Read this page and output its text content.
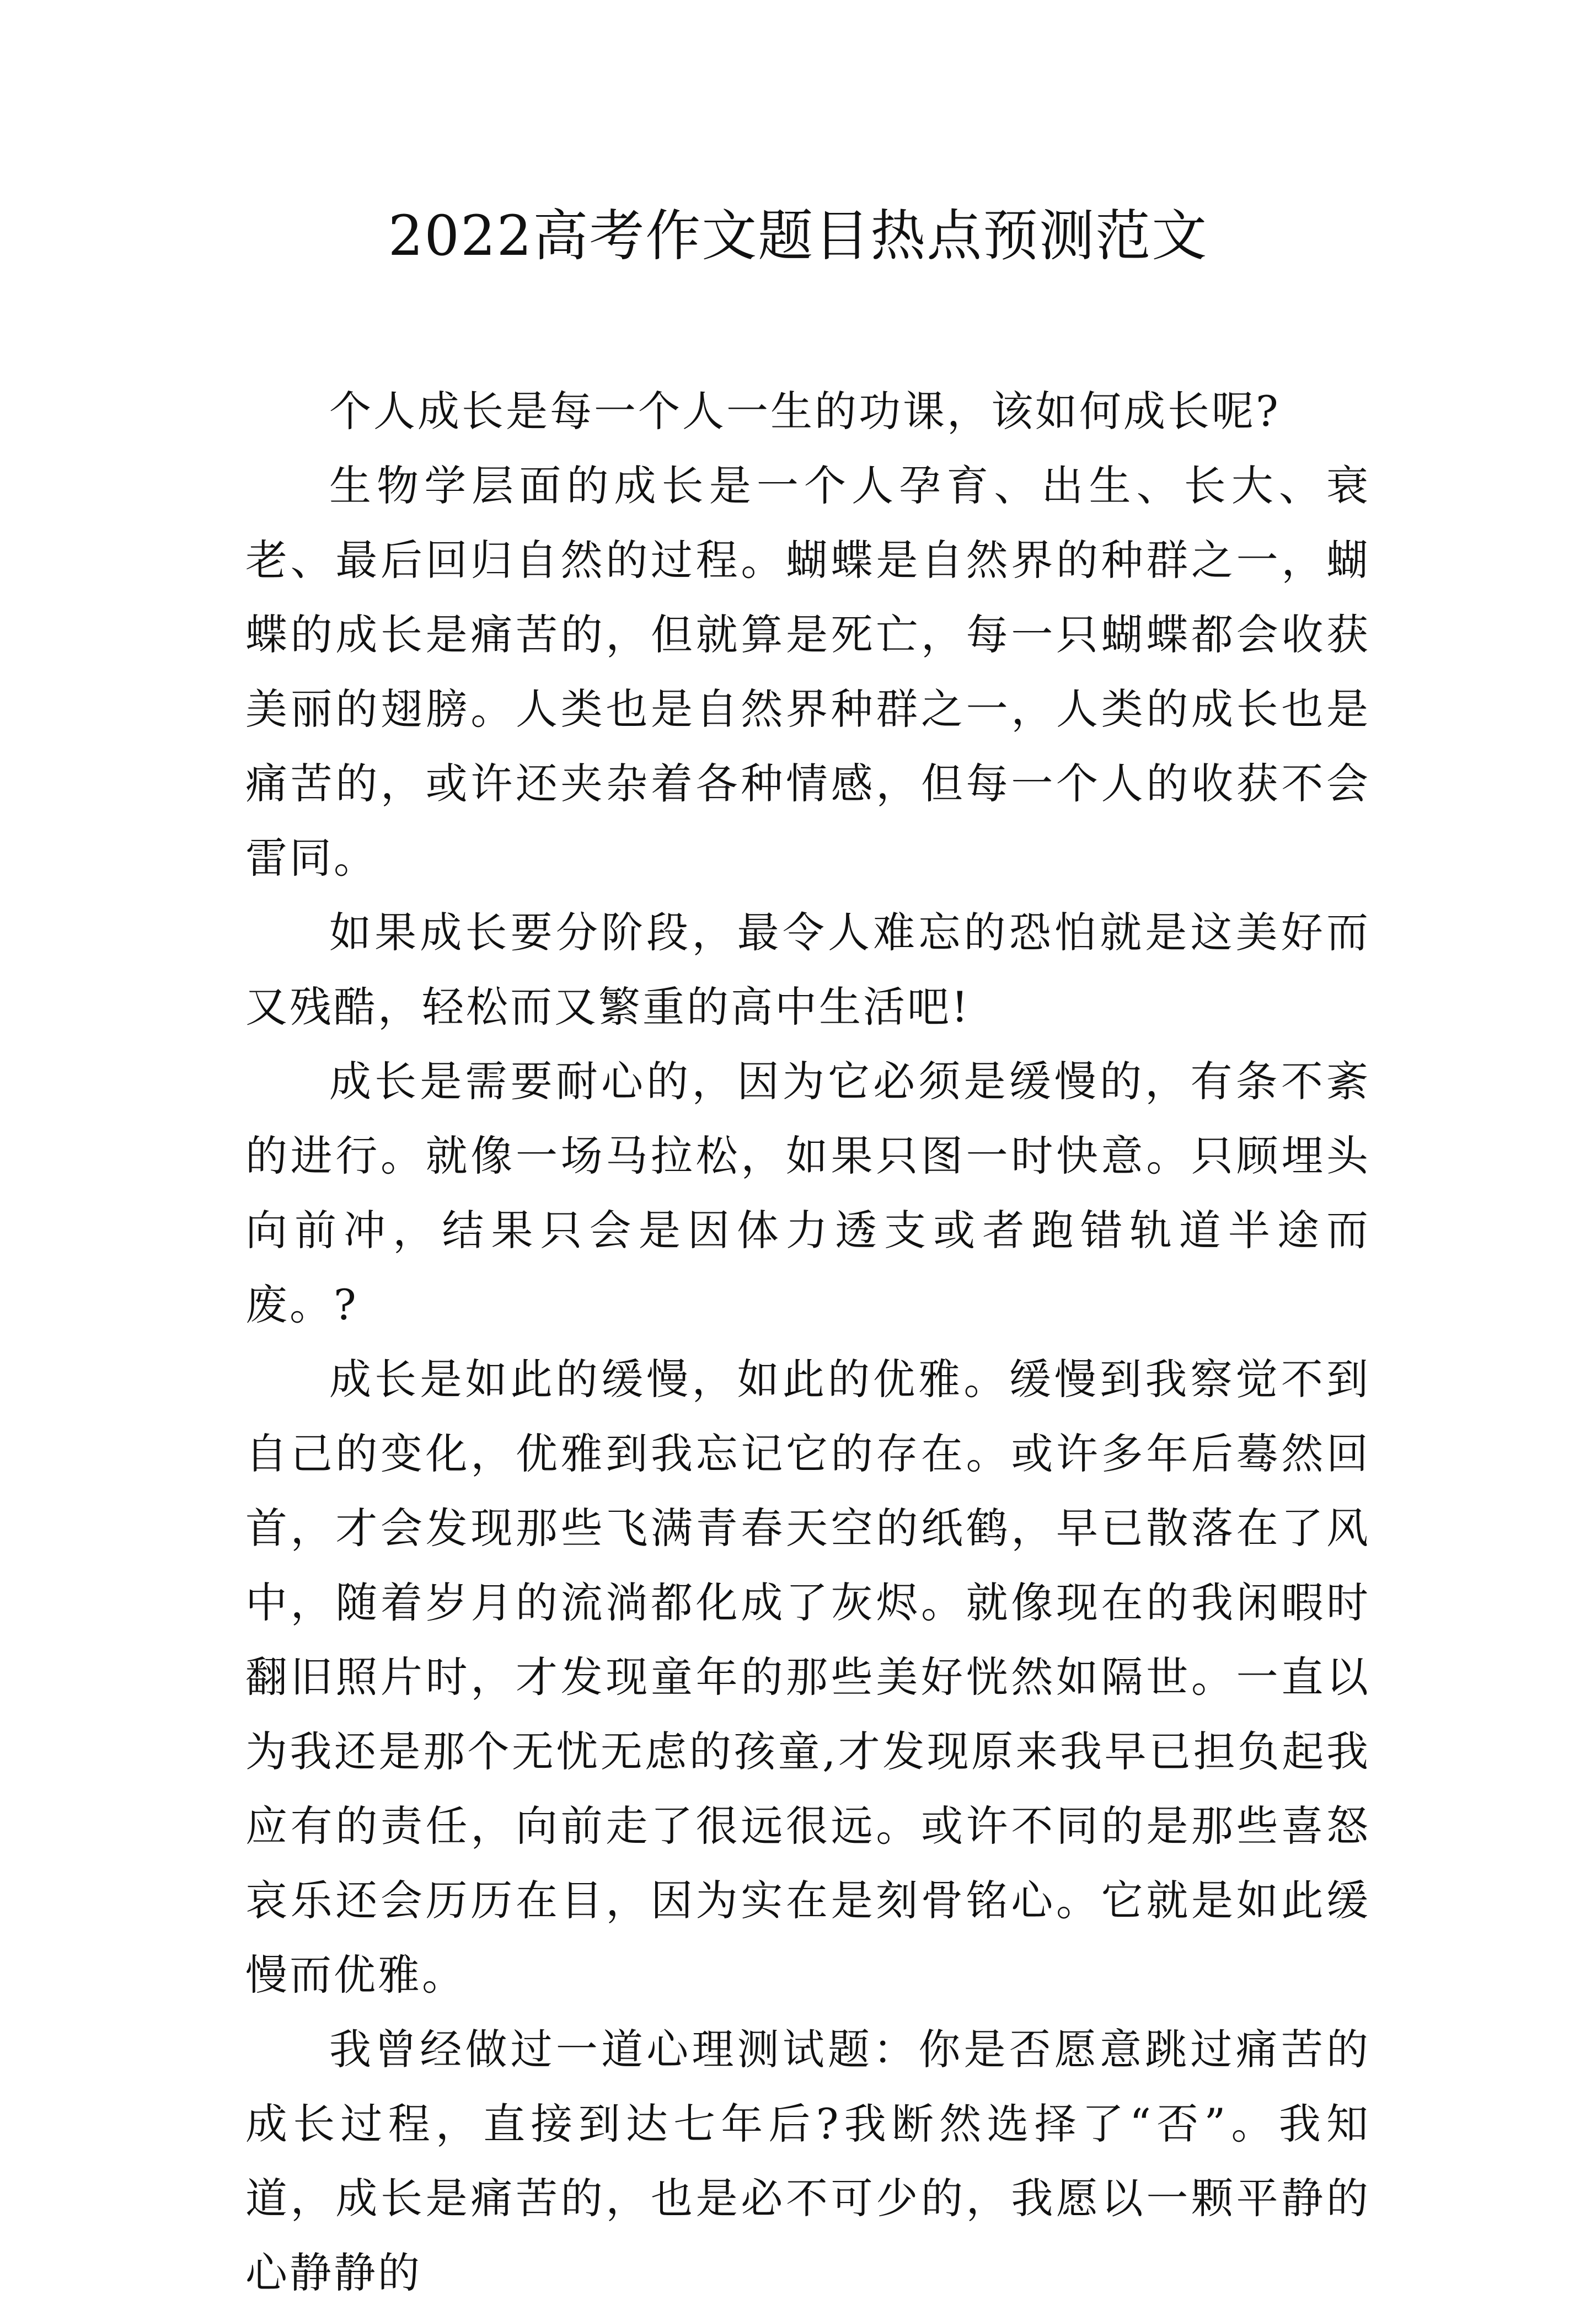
2022高考作文题目热点预测范文

个人成长是每一个人一生的功课，该如何成长呢?

生物学层面的成长是一个人孕育、出生、长大、衰老、最后回归自然的过程。蝴蝶是自然界的种群之一，蝴蝶的成长是痛苦的，但就算是死亡，每一只蝴蝶都会收获美丽的翅膀。人类也是自然界种群之一，人类的成长也是痛苦的，或许还夹杂着各种情感，但每一个人的收获不会雷同。

如果成长要分阶段，最令人难忘的恐怕就是这美好而又残酷，轻松而又繁重的高中生活吧!

成长是需要耐心的，因为它必须是缓慢的，有条不紊的进行。就像一场马拉松，如果只图一时快意。只顾埋头向前冲，结果只会是因体力透支或者跑错轨道半途而废。?

成长是如此的缓慢，如此的优雅。缓慢到我察觉不到自己的变化，优雅到我忘记它的存在。或许多年后蓦然回首，才会发现那些飞满青春天空的纸鹤，早已散落在了风中，随着岁月的流淌都化成了灰烬。就像现在的我闲暇时翻旧照片时，才发现童年的那些美好恍然如隔世。一直以为我还是那个无忧无虑的孩童,才发现原来我早已担负起我应有的责任，向前走了很远很远。或许不同的是那些喜怒哀乐还会历历在目，因为实在是刻骨铭心。它就是如此缓慢而优雅。

我曾经做过一道心理测试题：你是否愿意跳过痛苦的成长过程，直接到达七年后?我断然选择了“否”。我知道，成长是痛苦的，也是必不可少的，我愿以一颗平静的心静静的
